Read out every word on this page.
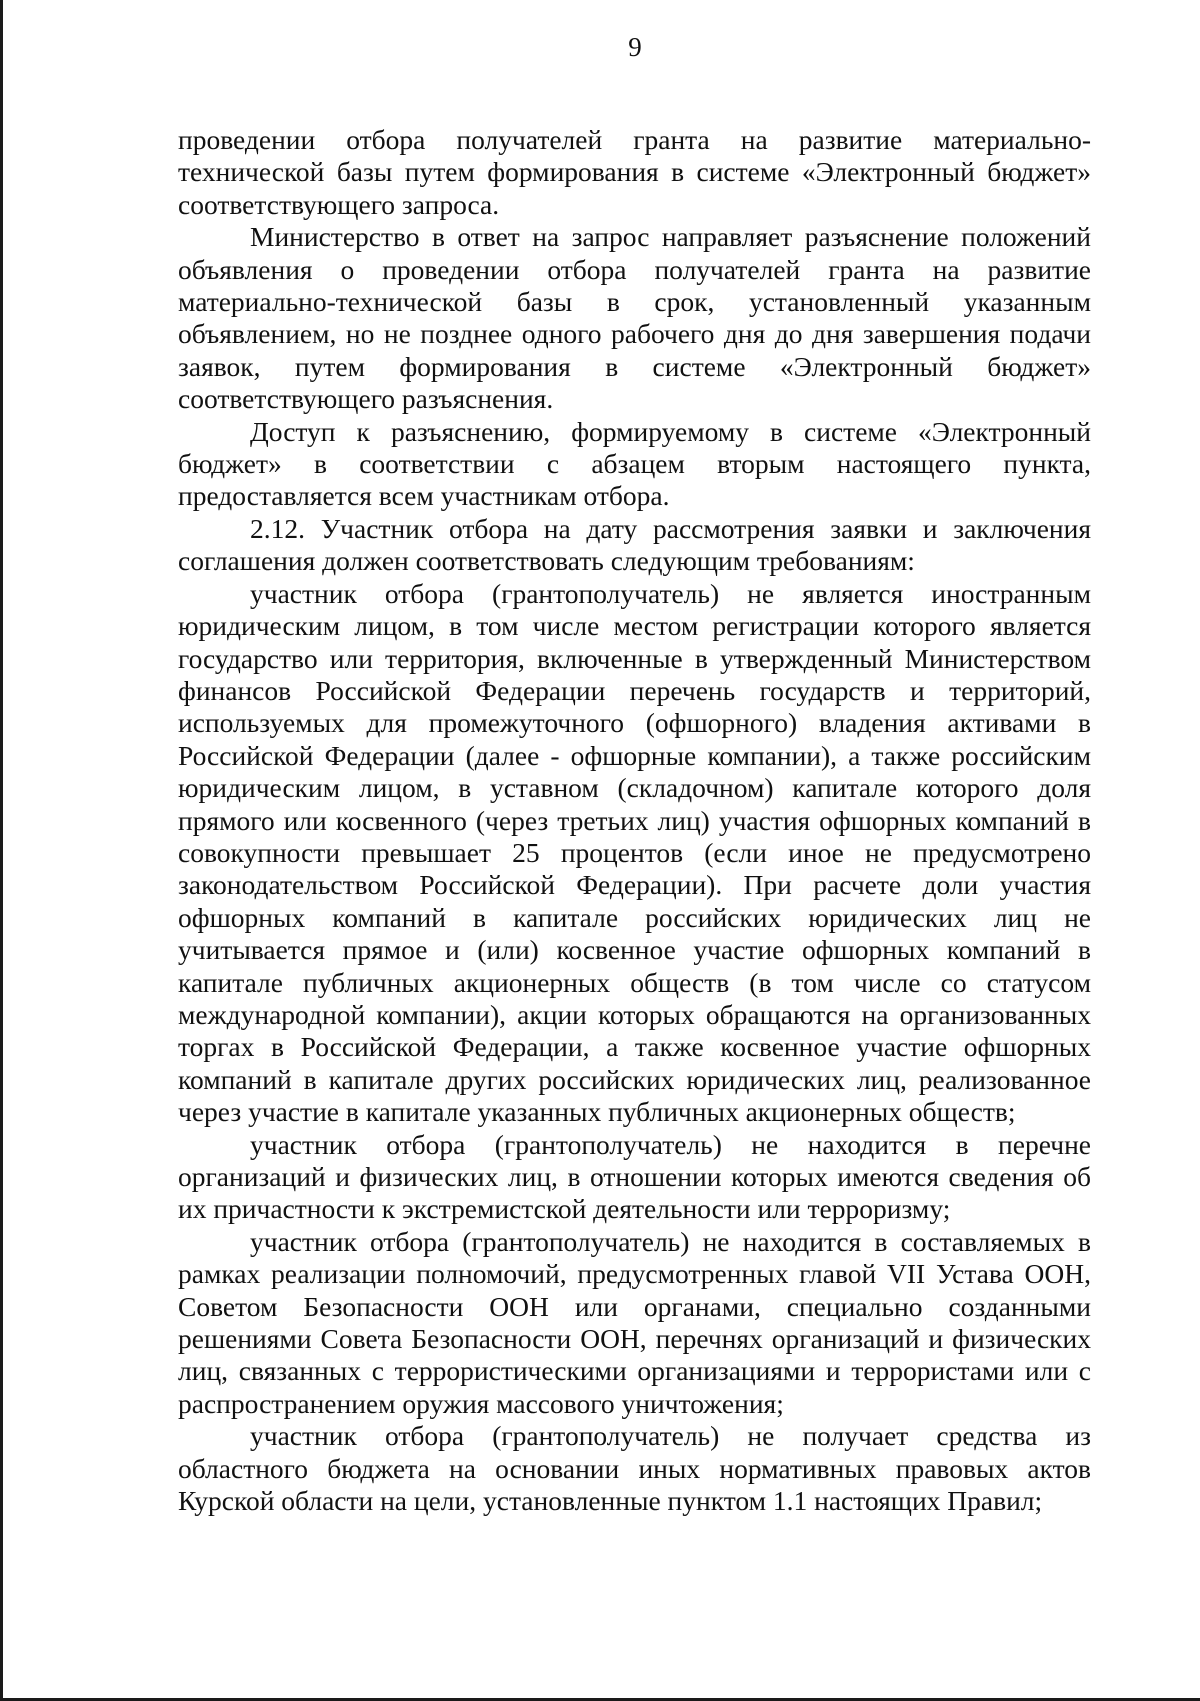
9

проведении отбора получателей гранта на развитие материально-технической базы путем формирования в системе «Электронный бюджет» соответствующего запроса.

Министерство в ответ на запрос направляет разъяснение положений объявления о проведении отбора получателей гранта на развитие материально-технической базы в срок, установленный указанным объявлением, но не позднее одного рабочего дня до дня завершения подачи заявок, путем формирования в системе «Электронный бюджет» соответствующего разъяснения.

Доступ к разъяснению, формируемому в системе «Электронный бюджет» в соответствии с абзацем вторым настоящего пункта, предоставляется всем участникам отбора.

2.12. Участник отбора на дату рассмотрения заявки и заключения соглашения должен соответствовать следующим требованиям:

участник отбора (грантополучатель) не является иностранным юридическим лицом, в том числе местом регистрации которого является государство или территория, включенные в утвержденный Министерством финансов Российской Федерации перечень государств и территорий, используемых для промежуточного (офшорного) владения активами в Российской Федерации (далее - офшорные компании), а также российским юридическим лицом, в уставном (складочном) капитале которого доля прямого или косвенного (через третьих лиц) участия офшорных компаний в совокупности превышает 25 процентов (если иное не предусмотрено законодательством Российской Федерации). При расчете доли участия офшорных компаний в капитале российских юридических лиц не учитывается прямое и (или) косвенное участие офшорных компаний в капитале публичных акционерных обществ (в том числе со статусом международной компании), акции которых обращаются на организованных торгах в Российской Федерации, а также косвенное участие офшорных компаний в капитале других российских юридических лиц, реализованное через участие в капитале указанных публичных акционерных обществ;

участник отбора (грантополучатель) не находится в перечне организаций и физических лиц, в отношении которых имеются сведения об их причастности к экстремистской деятельности или терроризму;

участник отбора (грантополучатель) не находится в составляемых в рамках реализации полномочий, предусмотренных главой VII Устава ООН, Советом Безопасности ООН или органами, специально созданными решениями Совета Безопасности ООН, перечнях организаций и физических лиц, связанных с террористическими организациями и террористами или с распространением оружия массового уничтожения;

участник отбора (грантополучатель) не получает средства из областного бюджета на основании иных нормативных правовых актов Курской области на цели, установленные пунктом 1.1 настоящих Правил;
